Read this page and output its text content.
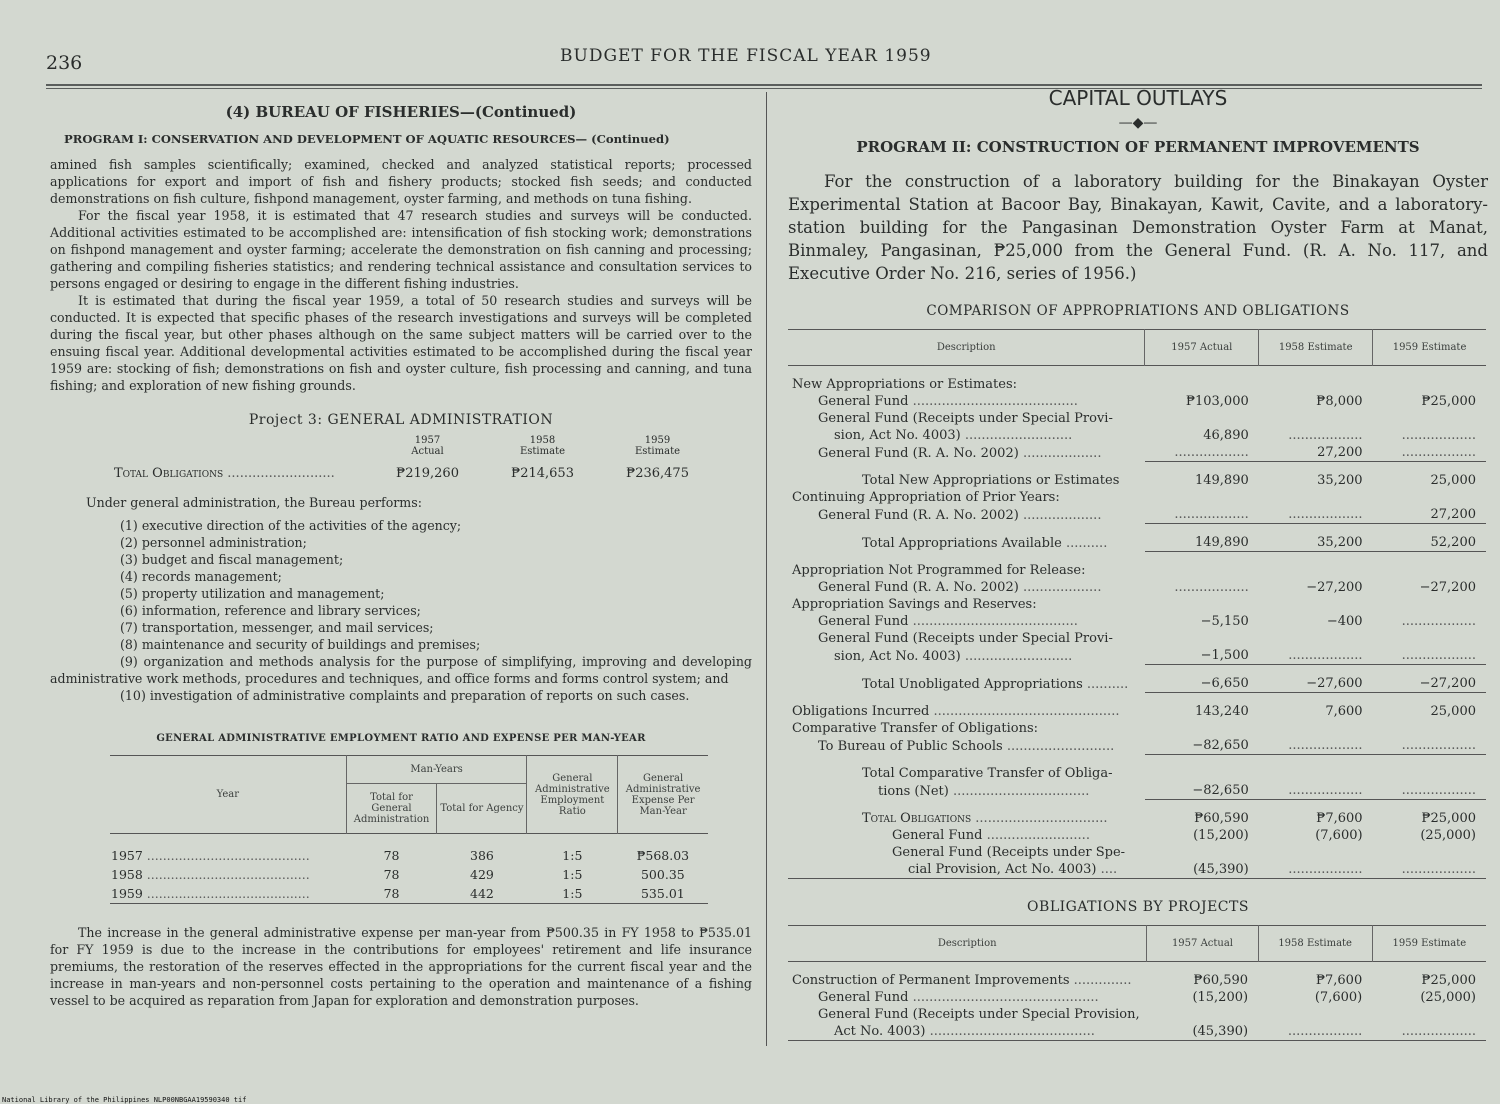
236	BUDGET FOR THE FISCAL YEAR 1959
(4) BUREAU OF FISHERIES—(Continued)
PROGRAM I: CONSERVATION AND DEVELOPMENT OF AQUATIC RESOURCES— (Continued)

amined fish samples scientifically; examined, checked and analyzed statistical reports; processed applications for export and import of fish and fishery products; stocked fish seeds; and conducted demonstrations on fish culture, fishpond management, oyster farming, and methods on tuna fishing.

For the fiscal year 1958, it is estimated that 47 research studies and surveys will be conducted. Additional activities estimated to be accomplished are: intensification of fish stocking work; demonstrations on fishpond management and oyster farming; accelerate the demonstration on fish canning and processing; gathering and compiling fisheries statistics; and rendering technical assistance and consultation services to persons engaged or desiring to engage in the different fishing industries.

It is estimated that during the fiscal year 1959, a total of 50 research studies and surveys will be conducted. It is expected that specific phases of the research investigations and surveys will be completed during the fiscal year, but other phases although on the same subject matters will be carried over to the ensuing fiscal year. Additional developmental activities estimated to be accomplished during the fiscal year 1959 are: stocking of fish; demonstrations on fish and oyster culture, fish processing and canning, and tuna fishing; and exploration of new fishing grounds.

Project 3: GENERAL ADMINISTRATION
1957
Actual
1958
Estimate
1959
Estimate
Total Obligations ..........................	₱219,260	₱214,653	₱236,475

Under general administration, the Bureau performs:

(1) executive direction of the activities of the agency;
(2) personnel administration;
(3) budget and fiscal management;
(4) records management;
(5) property utilization and management;
(6) information, reference and library services;
(7) transportation, messenger, and mail services;
(8) maintenance and security of buildings and premises;
(9) organization and methods analysis for the purpose of simplifying, improving and developing administrative work methods, procedures and techniques, and office forms and forms control system; and
(10) investigation of administrative complaints and preparation of reports on such cases.
GENERAL ADMINISTRATIVE EMPLOYMENT RATIO AND EXPENSE PER MAN-YEAR
Year	Man-Years		General Administrative Employment Ratio	General Administrative Expense Per Man-Year
	Total for General Administration	Total for Agency		

1957 .........................................	78	386	1:5	₱568.03
1958 .........................................	78	429	1:5	500.35
1959 .........................................	78	442	1:5	535.01

The increase in the general administrative expense per man-year from ₱500.35 in FY 1958 to ₱535.01 for FY 1959 is due to the increase in the contributions for employees' retirement and life insurance premiums, the restoration of the reserves effected in the appropriations for the current fiscal year and the increase in man-years and non-personnel costs pertaining to the operation and maintenance of a fishing vessel to be acquired as reparation from Japan for exploration and demonstration purposes.

CAPITAL OUTLAYS
—◆—
PROGRAM II: CONSTRUCTION OF PERMANENT IMPROVEMENTS

For the construction of a laboratory building for the Binakayan Oyster Experimental Station at Bacoor Bay, Binakayan, Kawit, Cavite, and a laboratory-station building for the Pangasinan Demonstration Oyster Farm at Manat, Binmaley, Pangasinan, ₱25,000 from the General Fund. (R. A. No. 117, and Executive Order No. 216, series of 1956.)

COMPARISON OF APPROPRIATIONS AND OBLIGATIONS
Description	1957 Actual	1958 Estimate	1959 Estimate

New Appropriations or Estimates:			
General Fund ........................................	₱103,000	₱8,000	₱25,000
General Fund (Receipts under Special Provi-			
sion, Act No. 4003) ..........................	46,890	..................	..................
General Fund (R. A. No. 2002) ...................	..................	27,200	..................

Total New Appropriations or Estimates	149,890	35,200	25,000
Continuing Appropriation of Prior Years:			
General Fund (R. A. No. 2002) ...................	..................	..................	27,200

Total Appropriations Available ..........	149,890	35,200	52,200

Appropriation Not Programmed for Release:			
General Fund (R. A. No. 2002) ...................	..................	−27,200	−27,200
Appropriation Savings and Reserves:			
General Fund ........................................	−5,150	−400	..................
General Fund (Receipts under Special Provi-			
sion, Act No. 4003) ..........................	−1,500	..................	..................

Total Unobligated Appropriations ..........	−6,650	−27,600	−27,200

Obligations Incurred .............................................	143,240	7,600	25,000
Comparative Transfer of Obligations:			
To Bureau of Public Schools ..........................	−82,650	..................	..................

Total Comparative Transfer of Obliga-			
tions (Net) .................................	−82,650	..................	..................

Total Obligations ................................	₱60,590	₱7,600	₱25,000
General Fund .........................	(15,200)	(7,600)	(25,000)
General Fund (Receipts under Spe-			
cial Provision, Act No. 4003) ....	(45,390)	..................	..................
OBLIGATIONS BY PROJECTS
Description	1957 Actual	1958 Estimate	1959 Estimate

Construction of Permanent Improvements ..............	₱60,590	₱7,600	₱25,000
General Fund .............................................	(15,200)	(7,600)	(25,000)
General Fund (Receipts under Special Provision,			
Act No. 4003) ........................................	(45,390)	..................	..................
National Library of the Philippines NLP00NBGAA19590340 tif
